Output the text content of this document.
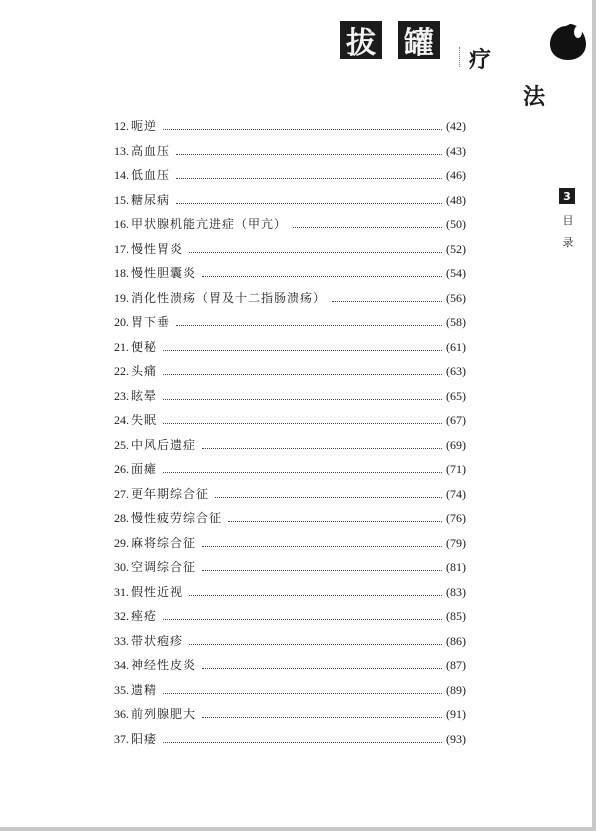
拔 罐 疗
法
3
目
录
12. 呃逆	(42)
13. 高血压	(43)
14. 低血压	(46)
15. 糖尿病	(48)
16. 甲状腺机能亢进症（甲亢）	(50)
17. 慢性胃炎	(52)
18. 慢性胆囊炎	(54)
19. 消化性溃疡（胃及十二指肠溃疡）	(56)
20. 胃下垂	(58)
21. 便秘	(61)
22. 头痛	(63)
23. 眩晕	(65)
24. 失眠	(67)
25. 中风后遗症	(69)
26. 面瘫	(71)
27. 更年期综合征	(74)
28. 慢性疲劳综合征	(76)
29. 麻将综合征	(79)
30. 空调综合征	(81)
31. 假性近视	(83)
32. 痤疮	(85)
33. 带状疱疹	(86)
34. 神经性皮炎	(87)
35. 遗精	(89)
36. 前列腺肥大	(91)
37. 阳痿	(93)
